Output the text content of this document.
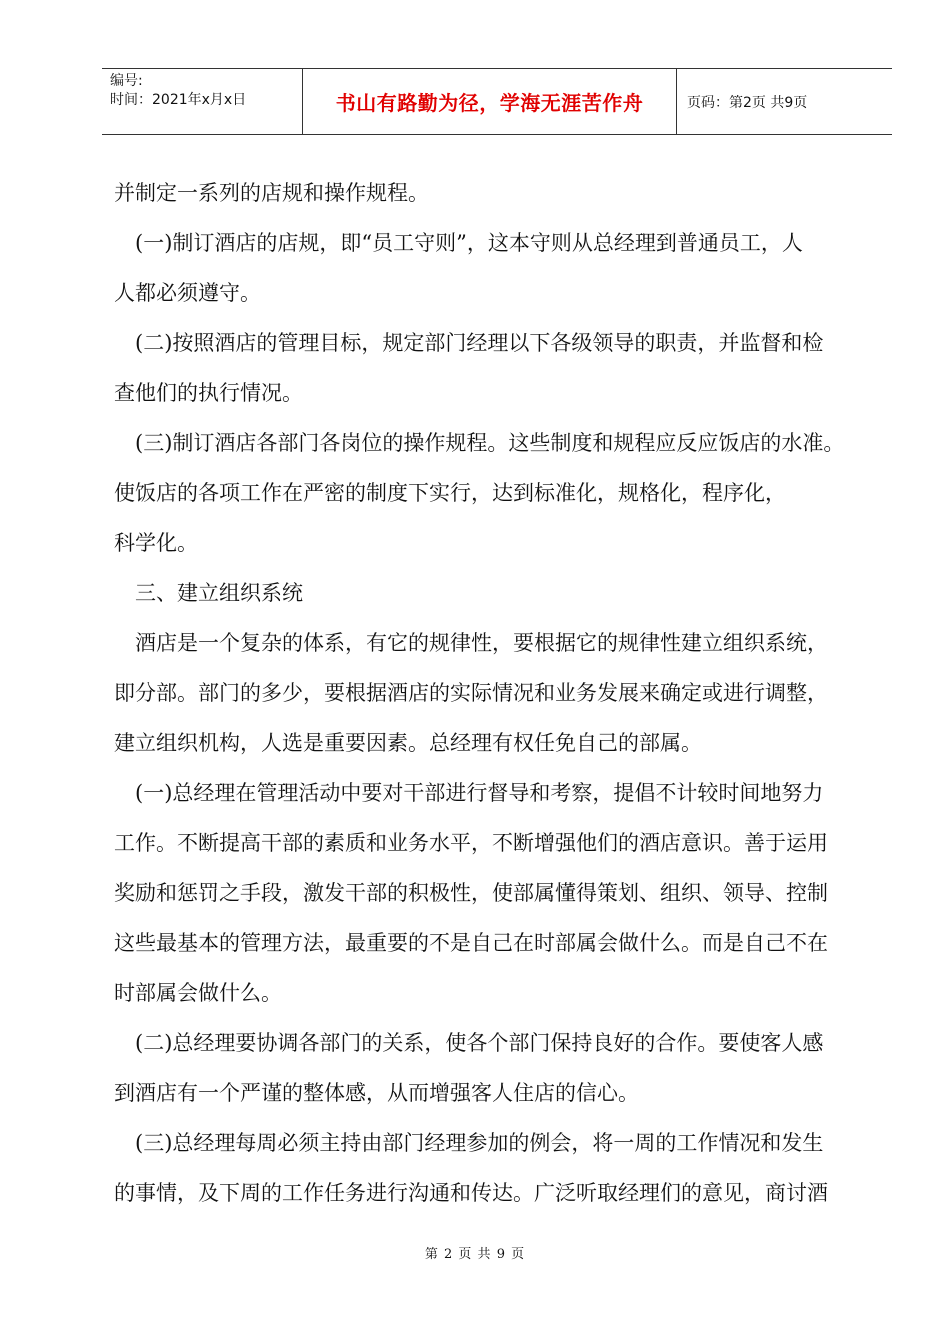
编号:
时间：2021年x月x日	书山有路勤为径，学海无涯苦作舟	页码：第2页 共9页

并制定一系列的店规和操作规程。

(一)制订酒店的店规，即“员工守则”，这本守则从总经理到普通员工，人

人都必须遵守。

(二)按照酒店的管理目标，规定部门经理以下各级领导的职责，并监督和检

查他们的执行情况。

(三)制订酒店各部门各岗位的操作规程。这些制度和规程应反应饭店的水准。

使饭店的各项工作在严密的制度下实行，达到标准化，规格化，程序化，

科学化。

三、建立组织系统

酒店是一个复杂的体系，有它的规律性，要根据它的规律性建立组织系统，

即分部。部门的多少，要根据酒店的实际情况和业务发展来确定或进行调整，

建立组织机构，人选是重要因素。总经理有权任免自己的部属。

(一)总经理在管理活动中要对干部进行督导和考察，提倡不计较时间地努力

工作。不断提高干部的素质和业务水平，不断增强他们的酒店意识。善于运用

奖励和惩罚之手段，激发干部的积极性，使部属懂得策划、组织、领导、控制

这些最基本的管理方法，最重要的不是自己在时部属会做什么。而是自己不在

时部属会做什么。

(二)总经理要协调各部门的关系，使各个部门保持良好的合作。要使客人感

到酒店有一个严谨的整体感，从而增强客人住店的信心。

(三)总经理每周必须主持由部门经理参加的例会，将一周的工作情况和发生

的事情，及下周的工作任务进行沟通和传达。广泛听取经理们的意见，商讨酒

第 2 页 共 9 页
